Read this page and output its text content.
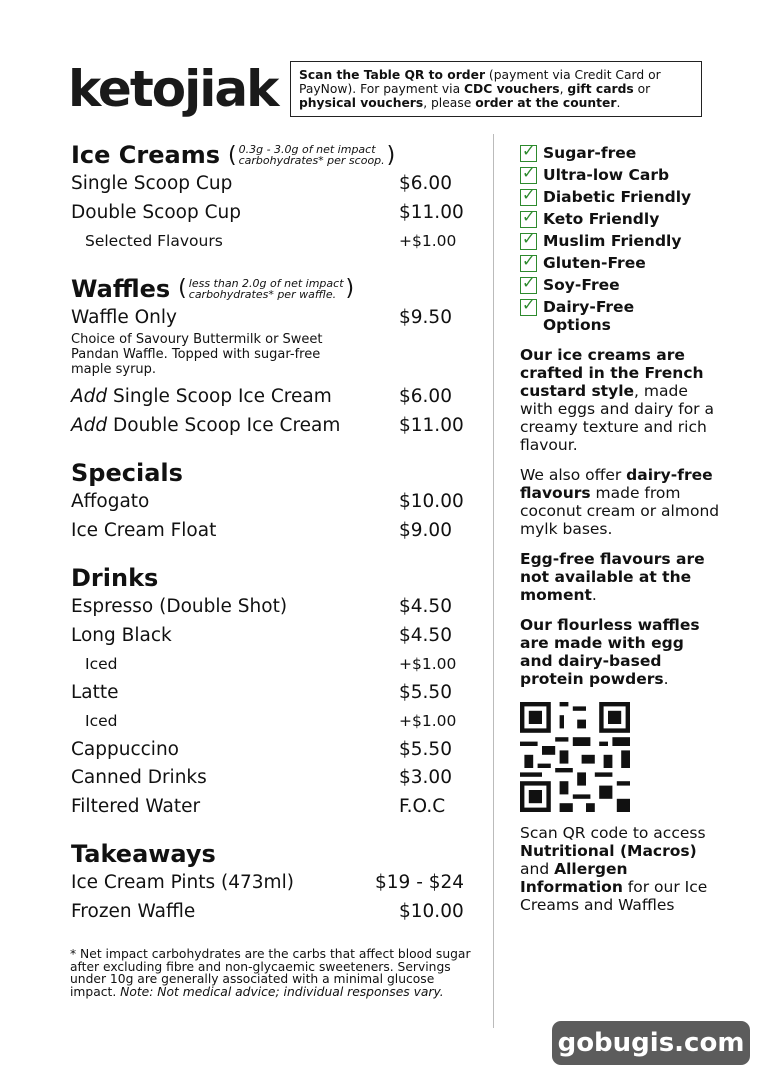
ketojiak	Scan the Table QR to order (payment via Credit Card or PayNow). For payment via CDC vouchers, gift cards or physical vouchers, please order at the counter.
Ice Creams ( 0.3g - 3.0g of net impact
carbohydrates* per scoop. )
Single Scoop Cup	$6.00
Double Scoop Cup	$11.00
Selected Flavours	+$1.00
Waffles ( less than 2.0g of net impact
carbohydrates* per waffle. )
Waffle Only	$9.50
Choice of Savoury Buttermilk or Sweet Pandan Waffle. Topped with sugar-free maple syrup.
Add Single Scoop Ice Cream	$6.00
Add Double Scoop Ice Cream	$11.00
Specials
Affogato	$10.00
Ice Cream Float	$9.00
Drinks
Espresso (Double Shot)	$4.50
Long Black	$4.50
Iced	+$1.00
Latte	$5.50
Iced	+$1.00
Cappuccino	$5.50
Canned Drinks	$3.00
Filtered Water	F.O.C
Takeaways
Ice Cream Pints (473ml)	$19 - $24
Frozen Waffle	$10.00
* Net impact carbohydrates are the carbs that affect blood sugar after excluding fibre and non-glycaemic sweeteners. Servings under 10g are generally associated with a minimal glucose impact. Note: Not medical advice; individual responses vary.
✓
Sugar-free
✓
Ultra-low Carb
✓
Diabetic Friendly
✓
Keto Friendly
✓
Muslim Friendly
✓
Gluten-Free
✓
Soy-Free
✓
Dairy-Free Options
Our ice creams are crafted in the French custard style, made with eggs and dairy for a creamy texture and rich flavour.
We also offer dairy-free flavours made from coconut cream or almond mylk bases.
Egg-free flavours are not available at the moment.
Our flourless waffles are made with egg and dairy-based protein powders.
Scan QR code to access Nutritional (Macros) and Allergen Information for our Ice Creams and Waffles
gobugis.com
